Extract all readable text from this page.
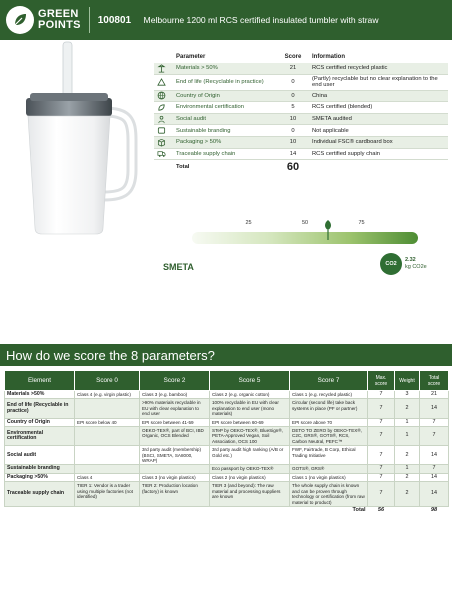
GREEN
POINTS 100801	Melbourne 1200 ml RCS certified insulated tumbler with straw
Parameter	Score	Information
Materials > 50%	21	RCS certified recycled plastic
End of life (Recyclable in practice)	0	(Partly) recyclable but no clear explanation to the end user
Country of Origin	0	China
Environmental certification	5	RCS certified (blended)
Social audit	10	SMETA audited
Sustainable branding	0	Not applicable
Packaging > 50%	10	Individual FSC® cardboard box
Traceable supply chain	14	RCS certified supply chain
Total	60
25	50	75
SMETA	CO2
2.32
kg CO2e
How do we score the 8 parameters?
Element	Score 0	Score 2	Score 5	Score 7	Max. score	Weight	Total score
Materials >50%	Class 4 (e.g. virgin plastic)	Class 3 (e.g. bamboo)	Class 2 (e.g. organic cotton)	Class 1 (e.g. recycled plastic)	7	3	21
End of life (Recyclable in practice)		>90% materials recyclable in EU with clear explanation to end user	100% recyclable in EU with clear explanation to end user (mono materials)	Circular (second life) take back systems in place (PF or partner)	7	2	14
Country of Origin	EPI score below 40	EPI score between 41-59	EPI score between 60-69	EPI score above 70	7	1	7
Environmental certification		OEKO-TEX®, part of BCI, IBD Organic, OCS Blended	STeP by OEKO-TEX®, BlueSign®, PETA-Approved Vegan, Soil Association, OCS 100	DETO TO ZERO by OEKO-TEX®, C2C, GRS®, GOTS®, RCS, Carbon Neutral, PEFC™	7	1	7
Social audit		3rd party audit (membership) (BSCI, SMETA, SA8000, WRAP)	3rd party audit high ranking (A/B or Gold etc.)	FWF, Fairtrade, B Corp, Ethical Trading Initiative	7	2	14
Sustainable branding			Eco passport by OEKO-TEX®	GOTS®, GRS®	7	1	7
Packaging >50%	Class 4	Class 3 (no virgin plastics)	Class 2 (no virgin plastics)	Class 1 (no virgin plastics)	7	2	14
Traceable supply chain	TIER 1: Vendor is a trader using multiple factories (not identified)	TIER 2: Production location (factory) is known	TIER 3 (and beyond): The raw material and processing suppliers are known	The whole supply chain is known and can be proven through technology or certification (from raw material to product)	7	2	14
Total					56		98
